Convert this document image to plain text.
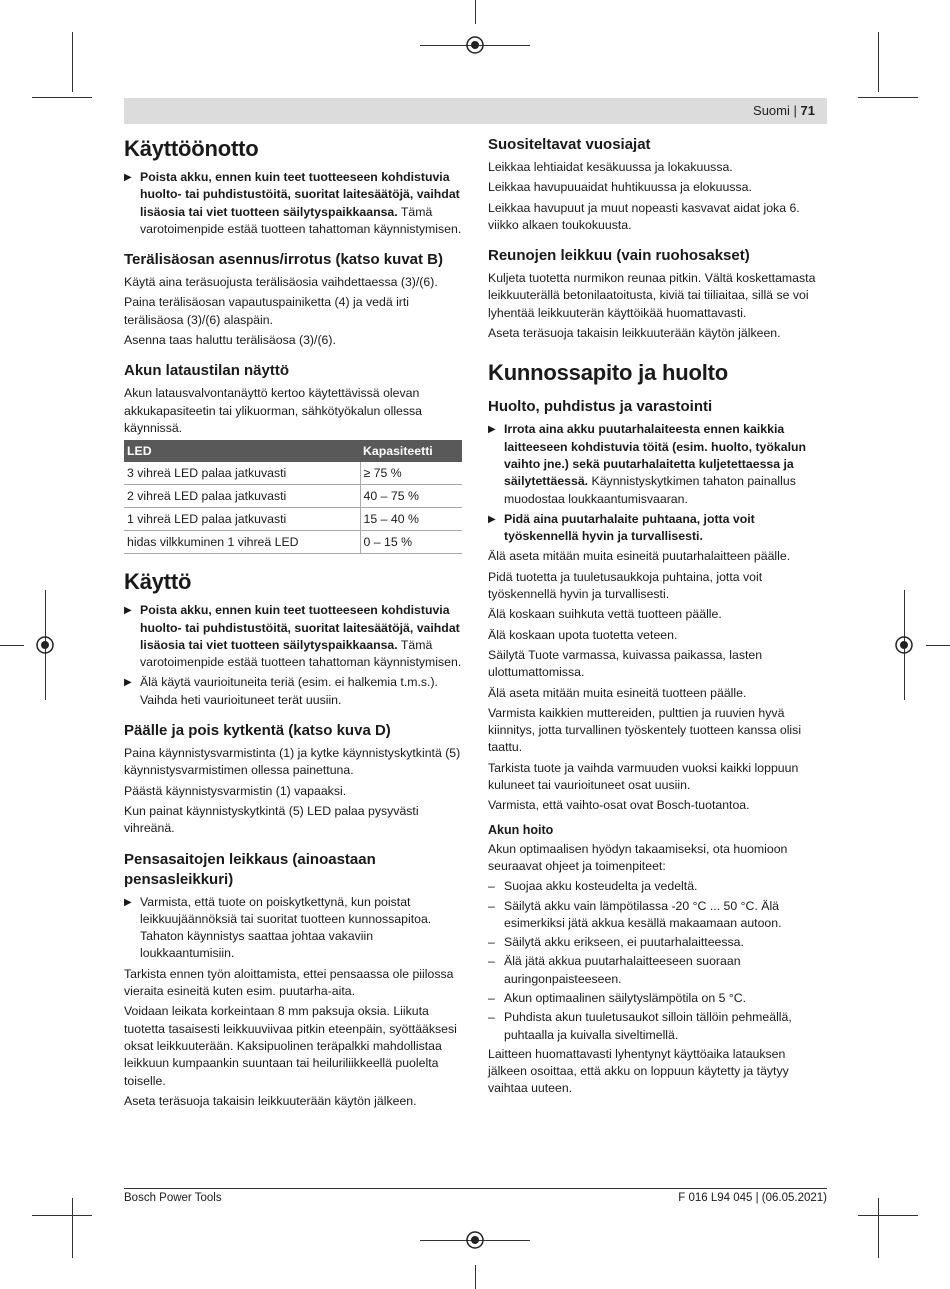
Suomi | 71
Käyttöönotto
▶ Poista akku, ennen kuin teet tuotteeseen kohdistuvia huolto- tai puhdistustöitä, suoritat laitesäätöjä, vaihdat lisäosia tai viet tuotteen säilytyspaikkaansa. Tämä varotoimenpide estää tuotteen tahattoman käynnistymisen.
Terälisäosan asennus/irrotus (katso kuvat B)

Käytä aina teräsuojusta terälisäosia vaihdettaessa (3)/(6).

Paina terälisäosan vapautuspainiketta (4) ja vedä irti terälisäosa (3)/(6) alaspäin.

Asenna taas haluttu terälisäosa (3)/(6).

Akun lataustilan näyttö

Akun latausvalvontanäyttö kertoo käytettävissä olevan akkukapasiteetin tai ylikuorman, sähkötyökalun ollessa käynnissä.

LED	Kapasiteetti
3 vihreä LED palaa jatkuvasti	≥ 75 %
2 vihreä LED palaa jatkuvasti	40 – 75 %
1 vihreä LED palaa jatkuvasti	15 – 40 %
hidas vilkkuminen 1 vihreä LED	0 – 15 %
Käyttö
▶ Poista akku, ennen kuin teet tuotteeseen kohdistuvia huolto- tai puhdistustöitä, suoritat laitesäätöjä, vaihdat lisäosia tai viet tuotteen säilytyspaikkaansa. Tämä varotoimenpide estää tuotteen tahattoman käynnistymisen.
▶ Älä käytä vaurioituneita teriä (esim. ei halkemia t.m.s.). Vaihda heti vaurioituneet terät uusiin.
Päälle ja pois kytkentä (katso kuva D)

Paina käynnistysvarmistinta (1) ja kytke käynnistyskytkintä (5) käynnistysvarmistimen ollessa painettuna.

Päästä käynnistysvarmistin (1) vapaaksi.

Kun painat käynnistyskytkintä (5) LED palaa pysyvästi vihreänä.

Pensasaitojen leikkaus (ainoastaan pensasleikkuri)
▶ Varmista, että tuote on poiskytkettynä, kun poistat leikkuujäännöksiä tai suoritat tuotteen kunnossapitoa. Tahaton käynnistys saattaa johtaa vakaviin loukkaantumisiin.

Tarkista ennen työn aloittamista, ettei pensaassa ole piilossa vieraita esineitä kuten esim. puutarha-aita.

Voidaan leikata korkeintaan 8 mm paksuja oksia. Liikuta tuotetta tasaisesti leikkuuviivaa pitkin eteenpäin, syöttääksesi oksat leikkuuterään. Kaksipuolinen teräpalkki mahdollistaa leikkuun kumpaankin suuntaan tai heiluriliikkeellä puolelta toiselle.

Aseta teräsuoja takaisin leikkuuterään käytön jälkeen.

Suositeltavat vuosiajat

Leikkaa lehtiaidat kesäkuussa ja lokakuussa.

Leikkaa havupuuaidat huhtikuussa ja elokuussa.

Leikkaa havupuut ja muut nopeasti kasvavat aidat joka 6. viikko alkaen toukokuusta.

Reunojen leikkuu (vain ruohosakset)

Kuljeta tuotetta nurmikon reunaa pitkin. Vältä koskettamasta leikkuuterällä betonilaatoitusta, kiviä tai tiiliaitaa, sillä se voi lyhentää leikkuuterän käyttöikää huomattavasti.

Aseta teräsuoja takaisin leikkuuterään käytön jälkeen.

Kunnossapito ja huolto
Huolto, puhdistus ja varastointi
▶ Irrota aina akku puutarhalaiteesta ennen kaikkia laitteeseen kohdistuvia töitä (esim. huolto, työkalun vaihto jne.) sekä puutarhalaitetta kuljetettaessa ja säilytettäessä. Käynnistyskytkimen tahaton painallus muodostaa loukkaantumisvaaran.
▶ Pidä aina puutarhalaite puhtaana, jotta voit työskennellä hyvin ja turvallisesti.

Älä aseta mitään muita esineitä puutarhalaitteen päälle.

Pidä tuotetta ja tuuletusaukkoja puhtaina, jotta voit työskennellä hyvin ja turvallisesti.

Älä koskaan suihkuta vettä tuotteen päälle.

Älä koskaan upota tuotetta veteen.

Säilytä Tuote varmassa, kuivassa paikassa, lasten ulottumattomissa.

Älä aseta mitään muita esineitä tuotteen päälle.

Varmista kaikkien muttereiden, pulttien ja ruuvien hyvä kiinnitys, jotta turvallinen työskentely tuotteen kanssa olisi taattu.

Tarkista tuote ja vaihda varmuuden vuoksi kaikki loppuun kuluneet tai vaurioituneet osat uusiin.

Varmista, että vaihto-osat ovat Bosch-tuotantoa.

Akun hoito

Akun optimaalisen hyödyn takaamiseksi, ota huomioon seuraavat ohjeet ja toimenpiteet:

– Suojaa akku kosteudelta ja vedeltä.
– Säilytä akku vain lämpötilassa -20 °C ... 50 °C. Älä esimerkiksi jätä akkua kesällä makaamaan autoon.
– Säilytä akku erikseen, ei puutarhalaitteessa.
– Älä jätä akkua puutarhalaitteeseen suoraan auringonpaisteeseen.
– Akun optimaalinen säilytyslämpötila on 5 °C.
– Puhdista akun tuuletusaukot silloin tällöin pehmeällä, puhtaalla ja kuivalla siveltimellä.

Laitteen huomattavasti lyhentynyt käyttöaika latauksen jälkeen osoittaa, että akku on loppuun käytetty ja täytyy vaihtaa uuteen.

Bosch Power Tools	F 016 L94 045 | (06.05.2021)
